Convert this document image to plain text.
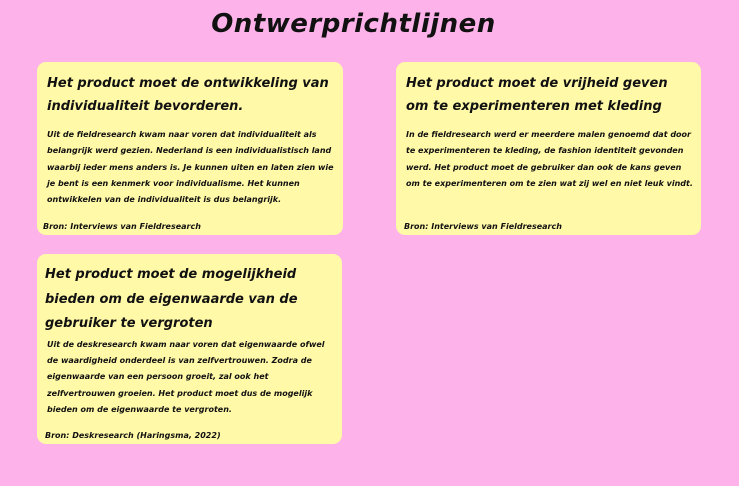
Ontwerprichtlijnen
Het product moet de ontwikkeling van individualiteit bevorderen.

Uit de fieldresearch kwam naar voren dat individualiteit als belangrijk werd gezien. Nederland is een individualistisch land waarbij ieder mens anders is. Je kunnen uiten en laten zien wie je bent is een kenmerk voor individualisme. Het kunnen ontwikkelen van de individualiteit is dus belangrijk.

Bron: Interviews van Fieldresearch

Het product moet de vrijheid geven om te experimenteren met kleding

In de fieldresearch werd er meerdere malen genoemd dat door te experimenteren te kleding, de fashion identiteit gevonden werd. Het product moet de gebruiker dan ook de kans geven om te experimenteren om te zien wat zij wel en niet leuk vindt.

Bron: Interviews van Fieldresearch

Het product moet de mogelijkheid bieden om de eigenwaarde van de gebruiker te vergroten

Uit de deskresearch kwam naar voren dat eigenwaarde ofwel de waardigheid onderdeel is van zelfvertrouwen. Zodra de eigenwaarde van een persoon groeit, zal ook het zelfvertrouwen groeien. Het product moet dus de mogelijk bieden om de eigenwaarde te vergroten.

Bron: Deskresearch (Haringsma, 2022)
